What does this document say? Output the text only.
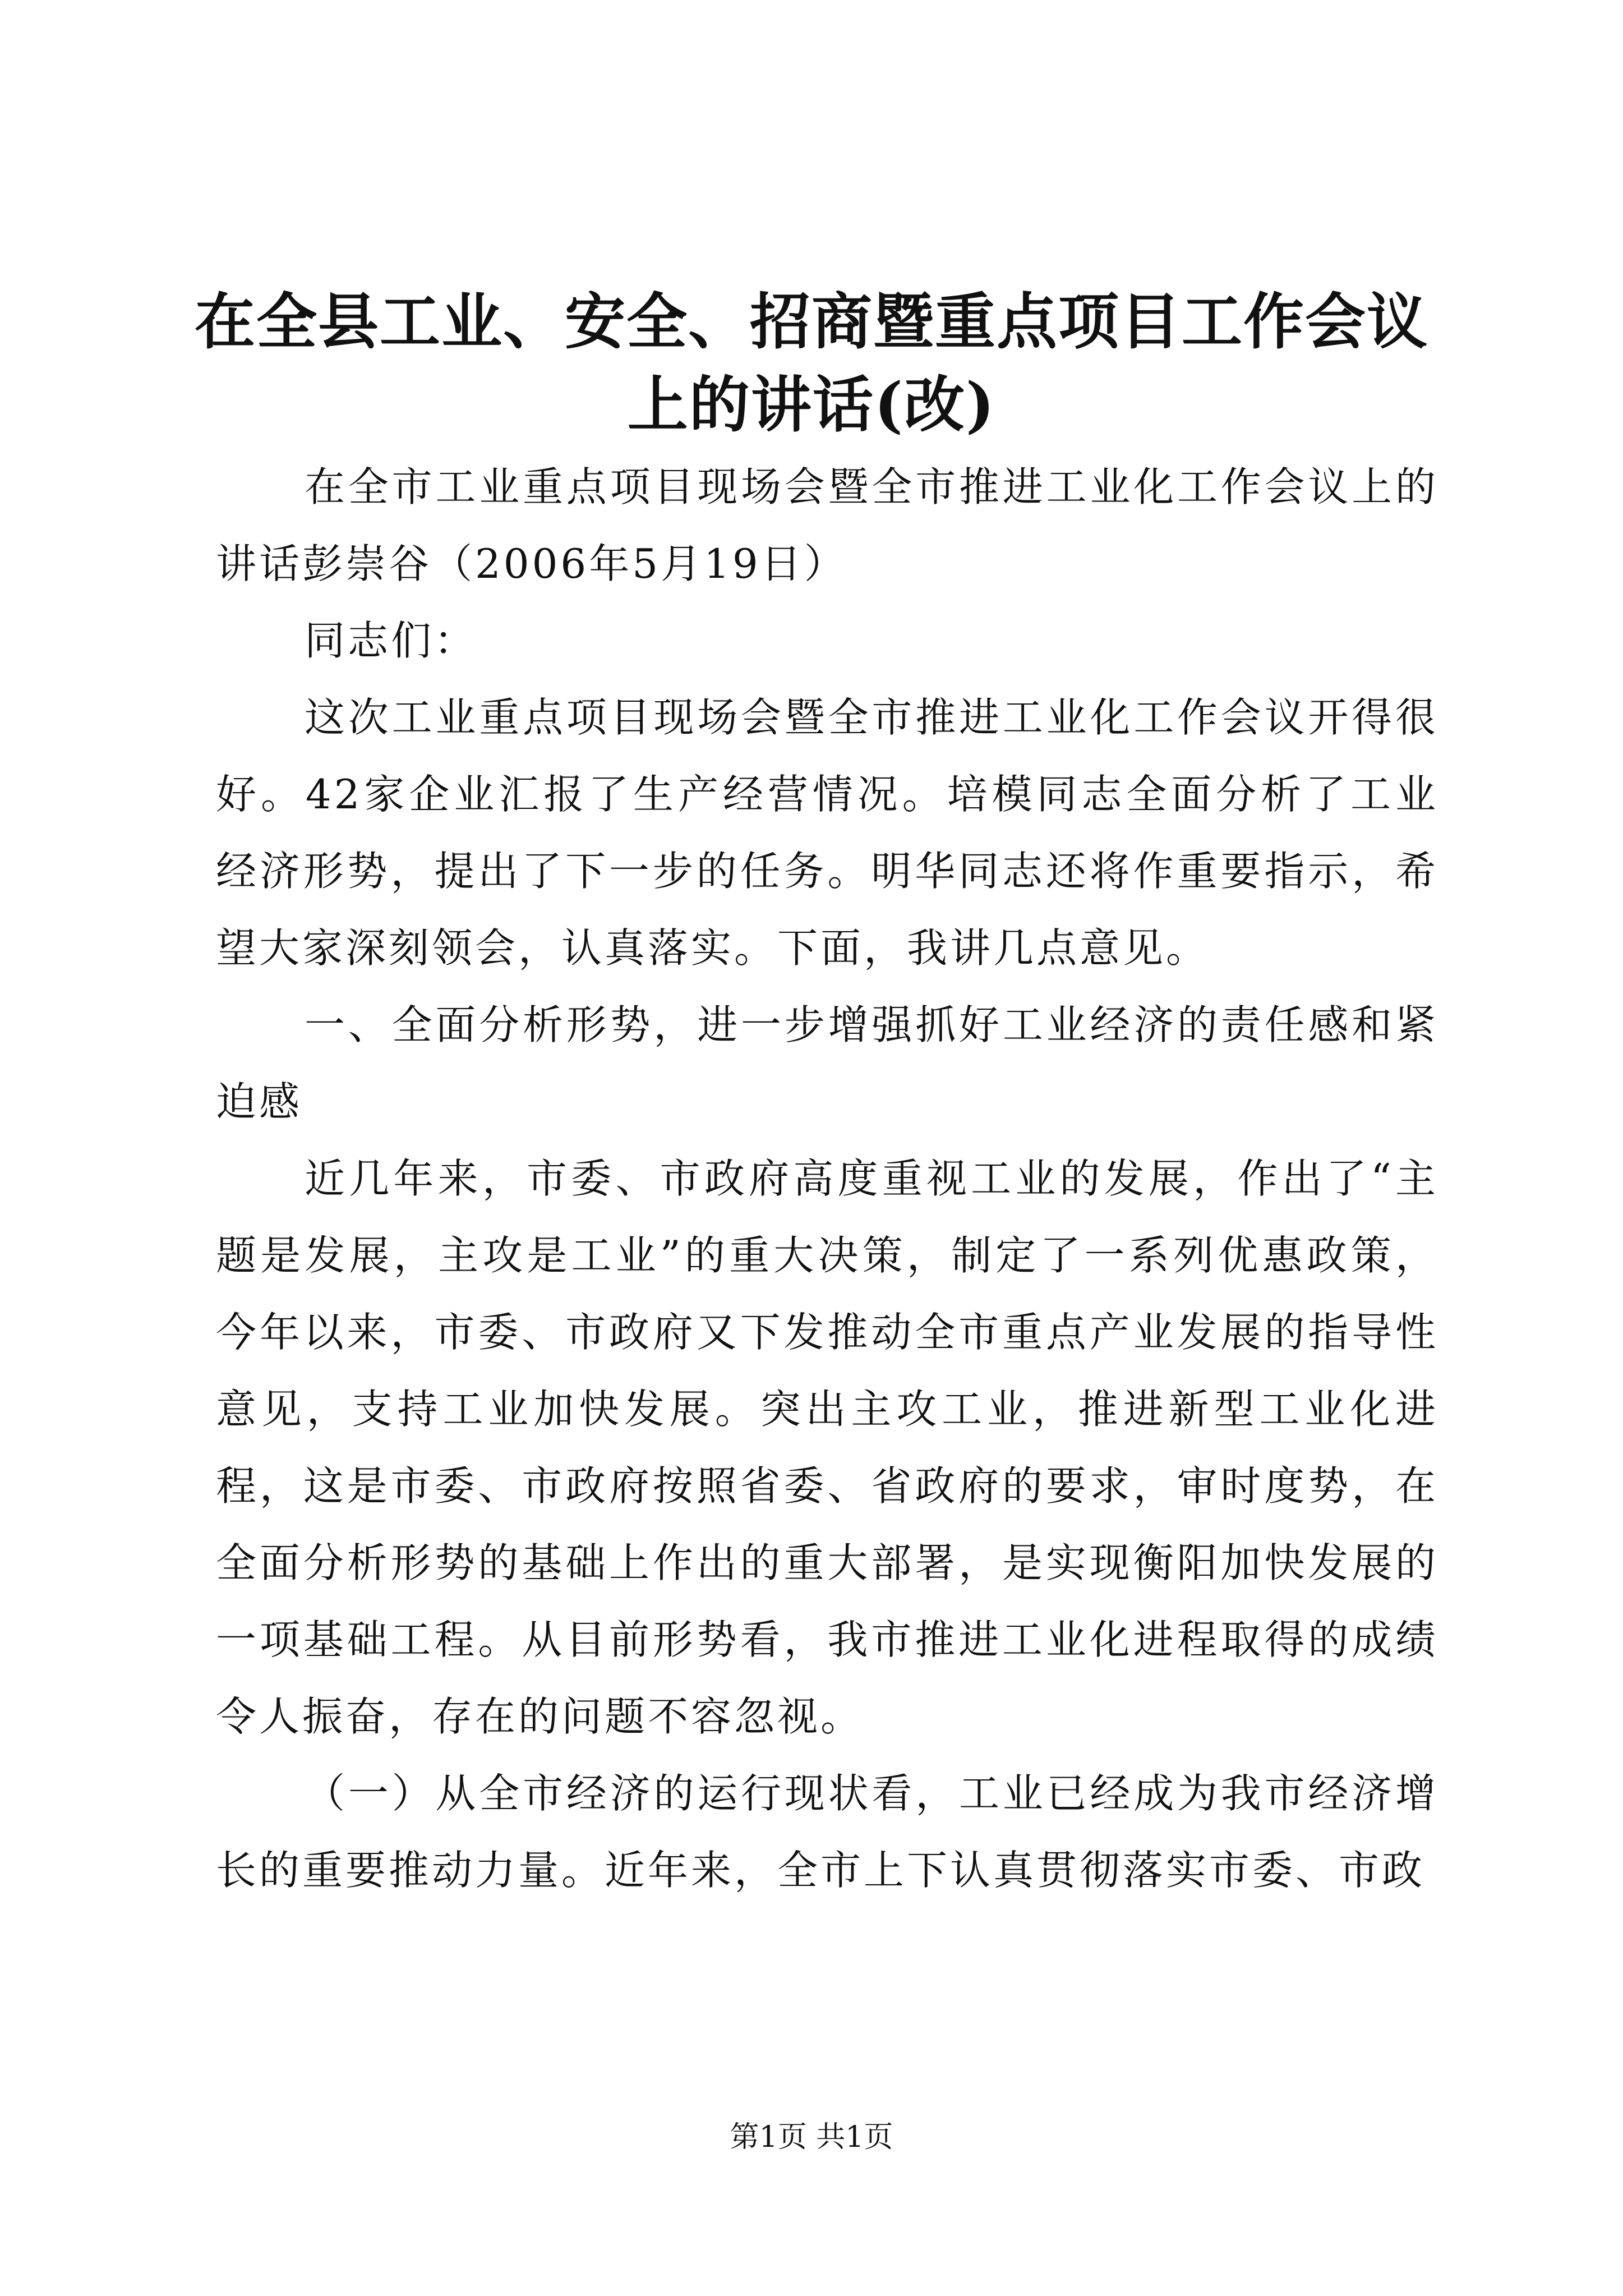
在全县工业、安全、招商暨重点项目工作会议
上的讲话(改)

在全市工业重点项目现场会暨全市推进工业化工作会议上的讲话彭崇谷（2006年5月19日）

同志们：

这次工业重点项目现场会暨全市推进工业化工作会议开得很好。42家企业汇报了生产经营情况。培模同志全面分析了工业经济形势，提出了下一步的任务。明华同志还将作重要指示，希望大家深刻领会，认真落实。下面，我讲几点意见。

一、全面分析形势，进一步增强抓好工业经济的责任感和紧迫感

近几年来，市委、市政府高度重视工业的发展，作出了“主题是发展，主攻是工业”的重大决策，制定了一系列优惠政策，今年以来，市委、市政府又下发推动全市重点产业发展的指导性意见，支持工业加快发展。突出主攻工业，推进新型工业化进程，这是市委、市政府按照省委、省政府的要求，审时度势，在全面分析形势的基础上作出的重大部署，是实现衡阳加快发展的一项基础工程。从目前形势看，我市推进工业化进程取得的成绩令人振奋，存在的问题不容忽视。

（一）从全市经济的运行现状看，工业已经成为我市经济增长的重要推动力量。近年来，全市上下认真贯彻落实市委、市政

第1页 共1页
